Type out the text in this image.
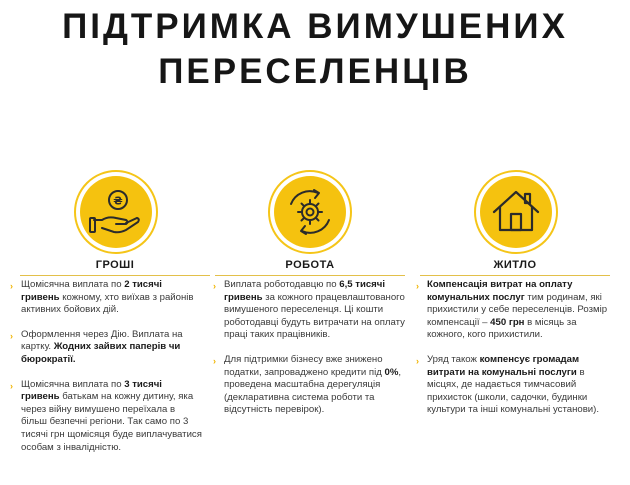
ПІДТРИМКА ВИМУШЕНИХ
ПЕРЕСЕЛЕНЦІВ
₴
ГРОШІ
› Щомісячна виплата по 2 тисячі гривень кожному, хто виїхав з районів активних бойових дій.
› Оформлення через Дію. Виплата на картку. Жодних зайвих паперів чи бюрократії.
› Щомісячна виплата по 3 тисячі гривень батькам на кожну дитину, яка через війну вимушено переїхала в більш безпечні регіони. Так само по 3 тисячі грн щомісяця буде виплачуватися особам з інвалідністю.
РОБОТА
› Виплата роботодавцю по 6,5 тисячі гривень за кожного працевлаштованого вимушеного переселенця. Ці кошти роботодавці будуть витрачати на оплату праці таких працівників.
› Для підтримки бізнесу вже знижено податки, запроваджено кредити під 0%, проведена масштабна дерегуляція (декларативна система роботи та відсутність перевірок).
ЖИТЛО
› Компенсація витрат на оплату комунальних послуг тим родинам, які прихистили у себе переселенців. Розмір компенсації – 450 грн в місяць за кожного, кого прихистили.
› Уряд також компенсує громадам витрати на комунальні послуги в місцях, де надається тимчасовий прихисток (школи, садочки, будинки культури та інші комунальні установи).
